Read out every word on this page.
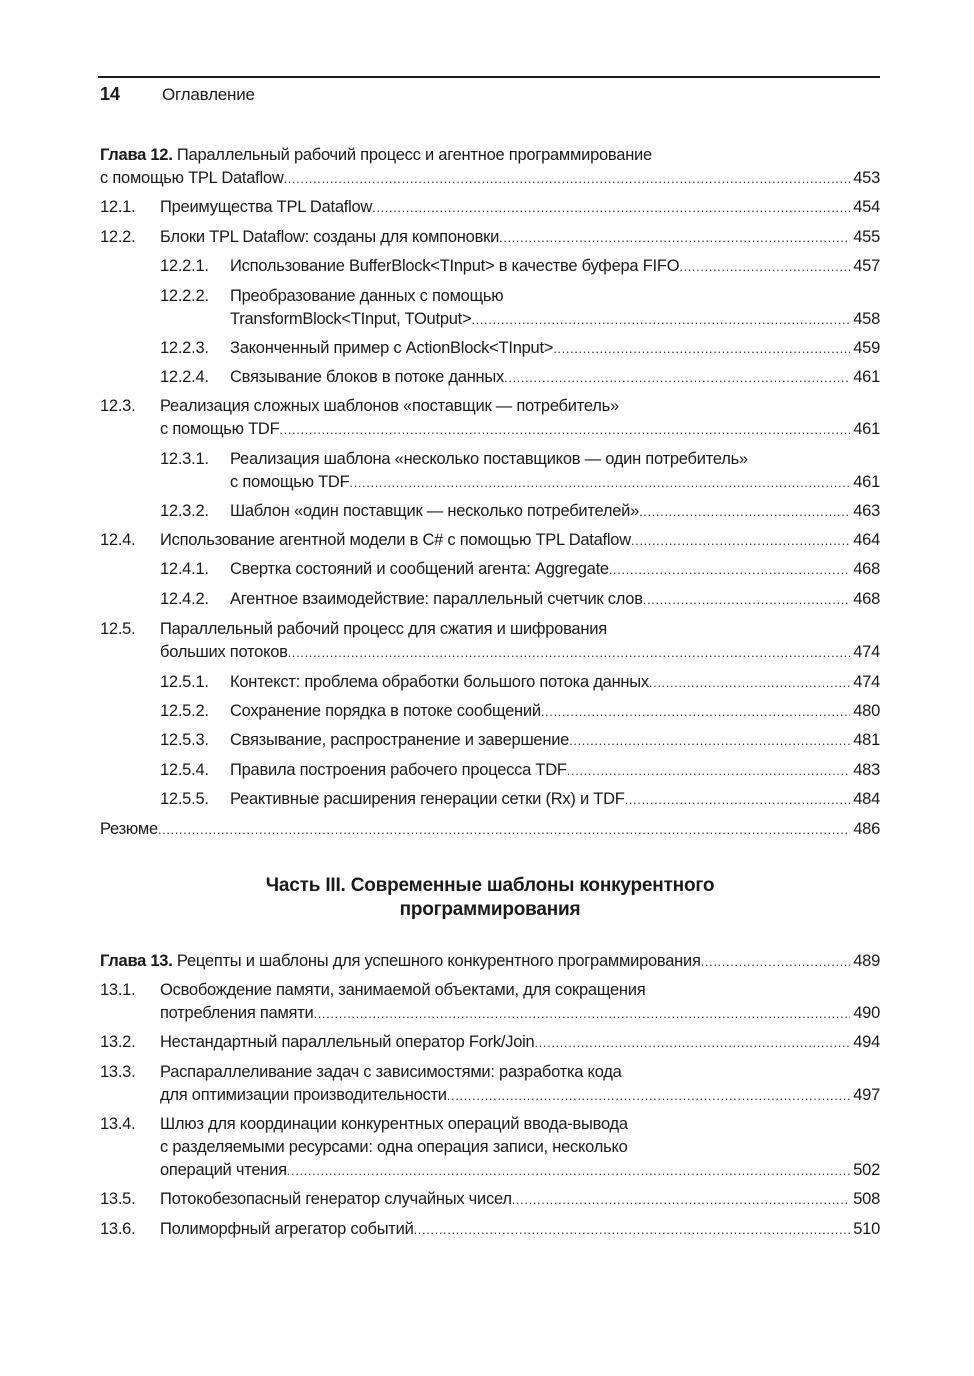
14 Оглавление
Глава 12. Параллельный рабочий процесс и агентное программирование
с помощью TPL Dataflow .....	453
12.1. Преимущества TPL Dataflow .....	454
12.2. Блоки TPL Dataflow: созданы для компоновки .....	455
12.2.1. Использование BufferBlock<TInput> в качестве буфера FIFO .....	457
12.2.2. Преобразование данных с помощью
TransformBlock<TInput, TOutput> .....	458
12.2.3. Законченный пример с ActionBlock<TInput> .....	459
12.2.4. Связывание блоков в потоке данных .....	461
12.3. Реализация сложных шаблонов «поставщик — потребитель»
с помощью TDF .....	461
12.3.1. Реализация шаблона «несколько поставщиков — один потребитель»
с помощью TDF .....	461
12.3.2. Шаблон «один поставщик — несколько потребителей» .....	463
12.4. Использование агентной модели в C# с помощью TPL Dataflow .....	464
12.4.1. Свертка состояний и сообщений агента: Aggregate .....	468
12.4.2. Агентное взаимодействие: параллельный счетчик слов .....	468
12.5. Параллельный рабочий процесс для сжатия и шифрования
больших потоков .....	474
12.5.1. Контекст: проблема обработки большого потока данных .....	474
12.5.2. Сохранение порядка в потоке сообщений .....	480
12.5.3. Связывание, распространение и завершение .....	481
12.5.4. Правила построения рабочего процесса TDF .....	483
12.5.5. Реактивные расширения генерации сетки (Rx) и TDF .....	484
Резюме .....	486
Часть III. Современные шаблоны конкурентного
программирования
Глава 13. Рецепты и шаблоны для успешного конкурентного программирования .....	489
13.1. Освобождение памяти, занимаемой объектами, для сокращения
потребления памяти .....	490
13.2. Нестандартный параллельный оператор Fork/Join .....	494
13.3. Распараллеливание задач с зависимостями: разработка кода
для оптимизации производительности .....	497
13.4. Шлюз для координации конкурентных операций ввода-вывода
с разделяемыми ресурсами: одна операция записи, несколько
операций чтения .....	502
13.5. Потокобезопасный генератор случайных чисел .....	508
13.6. Полиморфный агрегатор событий .....	510
